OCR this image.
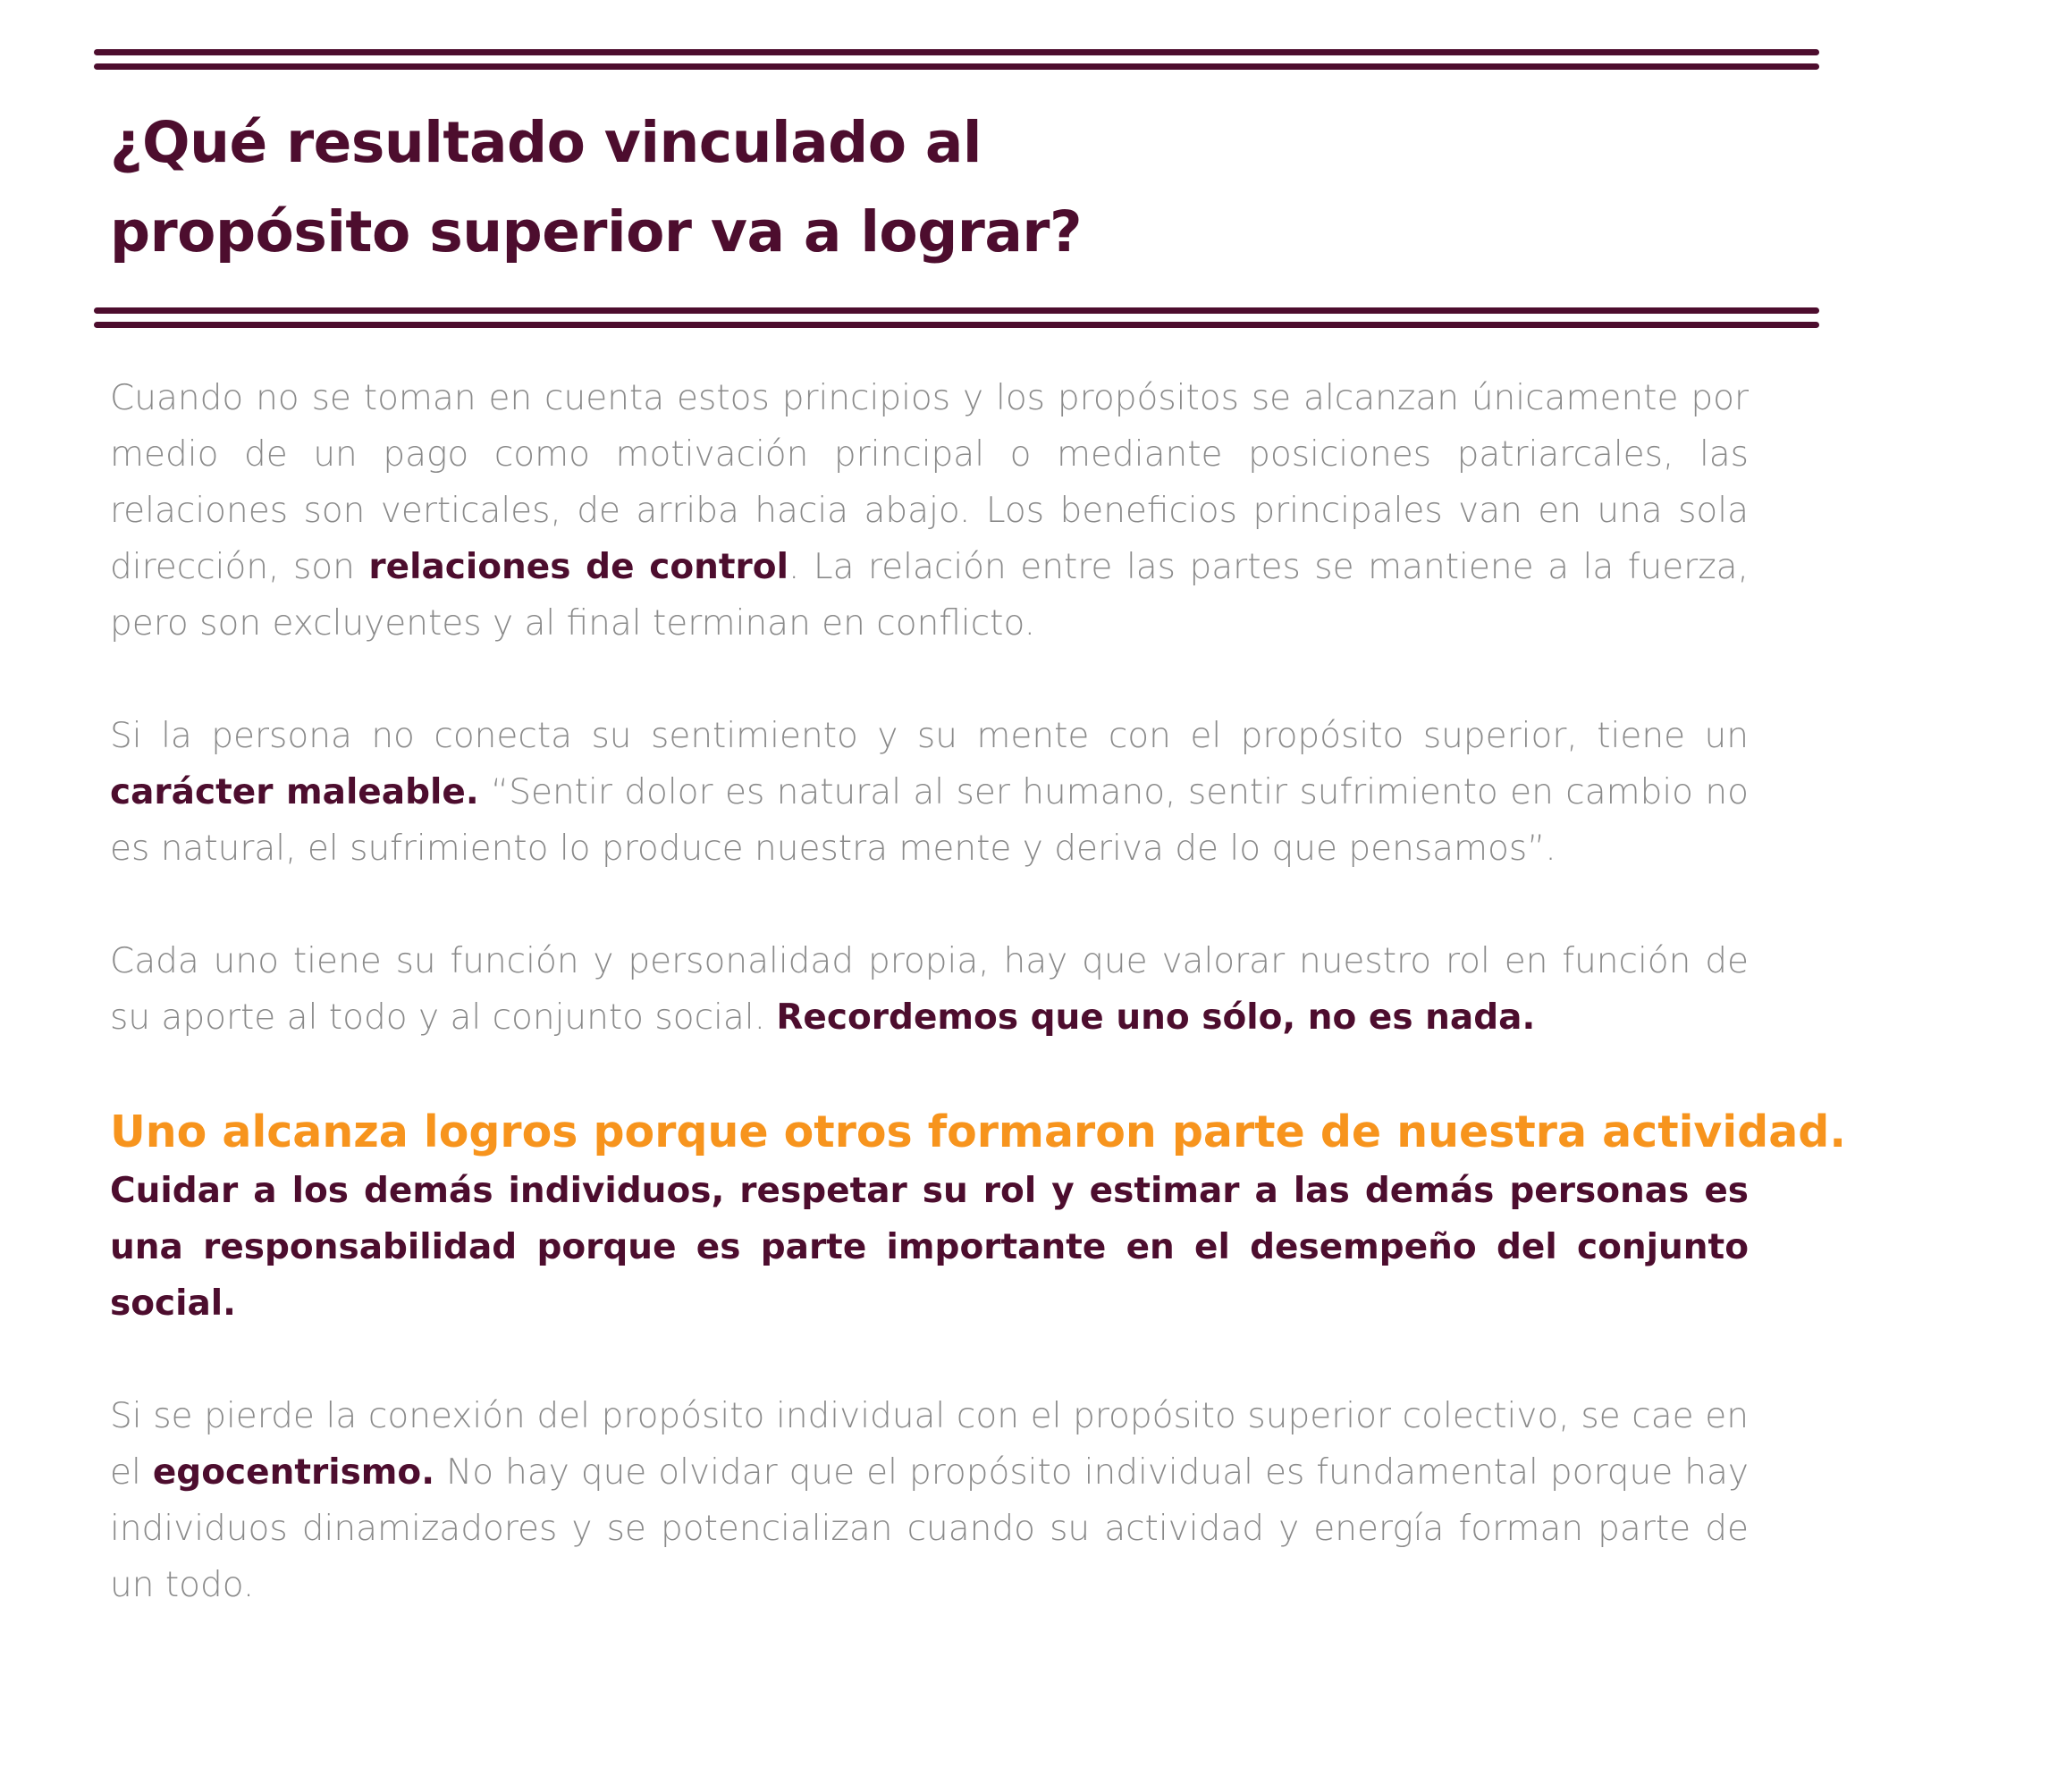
¿Qué resultado vinculado al
propósito superior va a lograr?

Cuando no se toman en cuenta estos principios y los propósitos se alcanzan únicamente por medio de un pago como motivación principal o mediante posiciones patriarcales, las relaciones son verticales, de arriba hacia abajo. Los beneficios principales van en una sola dirección, son relaciones de control. La relación entre las partes se mantiene a la fuerza, pero son excluyentes y al final terminan en conflicto.

Si la persona no conecta su sentimiento y su mente con el propósito superior, tiene un carácter maleable. “Sentir dolor es natural al ser humano, sentir sufrimiento en cambio no es natural, el sufrimiento lo produce nuestra mente y deriva de lo que pensamos”.

Cada uno tiene su función y personalidad propia, hay que valorar nuestro rol en función de su aporte al todo y al conjunto social. Recordemos que uno sólo, no es nada.

Uno alcanza logros porque otros formaron parte de nuestra actividad.

Cuidar a los demás individuos, respetar su rol y estimar a las demás personas es una responsabilidad porque es parte importante en el desempeño del conjunto social.

Si se pierde la conexión del propósito individual con el propósito superior colectivo, se cae en el egocentrismo. No hay que olvidar que el propósito individual es fundamental porque hay individuos dinamizadores y se potencializan cuando su actividad y energía forman parte de un todo.
